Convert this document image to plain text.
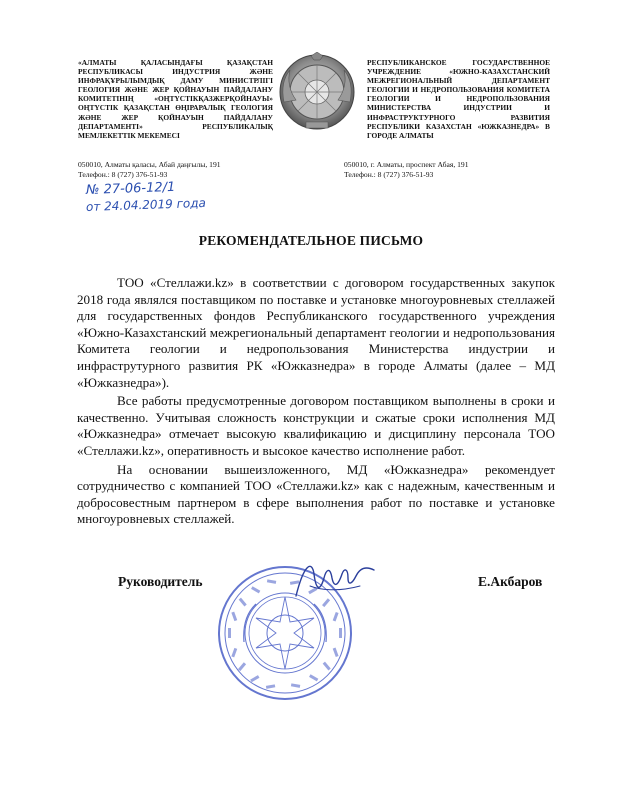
«АЛМАТЫ ҚАЛАСЫНДАҒЫ ҚАЗАҚСТАН РЕСПУБЛИКАСЫ ИНДУСТРИЯ ЖӘНЕ ИНФРАҚҰРЫЛЫМДЫҚ ДАМУ МИНИСТРЛІГІ ГЕОЛОГИЯ ЖӘНЕ ЖЕР ҚОЙНАУЫН ПАЙДАЛАНУ КОМИТЕТІНІҢ «ОҢТҮСТІКҚАЗЖЕРҚОЙНАУЫ» ОҢТҮСТІК ҚАЗАҚСТАН ӨҢІРАРАЛЫҚ ГЕОЛОГИЯ ЖӘНЕ ЖЕР ҚОЙНАУЫН ПАЙДАЛАНУ ДЕПАРТАМЕНТІ» РЕСПУБЛИКАЛЫҚ МЕМЛЕКЕТТІК МЕКЕМЕСІ
РЕСПУБЛИКАНСКОЕ ГОСУДАРСТВЕННОЕ УЧРЕЖДЕНИЕ «ЮЖНО-КАЗАХСТАНСКИЙ МЕЖРЕГИОНАЛЬНЫЙ ДЕПАРТАМЕНТ ГЕОЛОГИИ И НЕДРОПОЛЬЗОВАНИЯ КОМИТЕТА ГЕОЛОГИИ И НЕДРОПОЛЬЗОВАНИЯ МИНИСТЕРСТВА ИНДУСТРИИ И ИНФРАСТРУКТУРНОГО РАЗВИТИЯ РЕСПУБЛИКИ КАЗАХСТАН «ЮЖКАЗНЕДРА» В ГОРОДЕ АЛМАТЫ
050010, Алматы қаласы, Абай даңғылы, 191
Телефон.: 8 (727) 376-51-93
050010, г. Алматы, проспект Абая, 191
Телефон.: 8 (727) 376-51-93
№ 27-06-12/1
от 24.04.2019 года
РЕКОМЕНДАТЕЛЬНОЕ ПИСЬМО

ТОО «Стеллажи.kz» в соответствии с договором государственных закупок 2018 года являлся поставщиком по поставке и установке многоуровневых стеллажей для государственных фондов Республиканского государственного учреждения «Южно-Казахстанский межрегиональный департамент геологии и недропользования Комитета геологии и недропользования Министерства индустрии и инфраструтурного развития РК «Южказнедра» в городе Алматы (далее – МД «Южказнедра»).

Все работы предусмотренные договором поставщиком выполнены в сроки и качественно. Учитывая сложность конструкции и сжатые сроки исполнения МД «Южказнедра» отмечает высокую квалификацию и дисциплину персонала ТОО «Стеллажи.kz», оперативность и высокое качество исполнение работ.

На основании вышеизложенного, МД «Южказнедра» рекомендует сотрудничество с компанией ТОО «Стеллажи.kz» как с надежным, качественным и добросовестным партнером в сфере выполнения работ по поставке и установке многоуровневых стеллажей.

Руководитель	Е.Акбаров
